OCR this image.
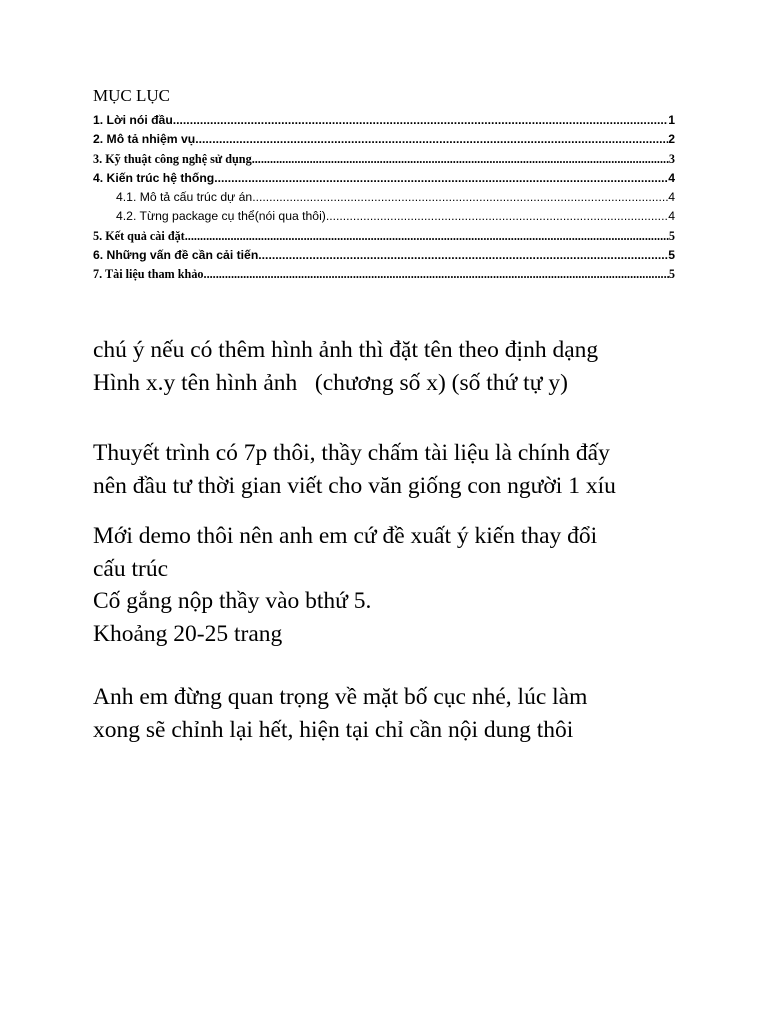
MỤC LỤC
1. Lời nói đầu .....	1
2. Mô tả nhiệm vụ .....	2
3. Kỹ thuật công nghệ sử dụng .....	3
4. Kiến trúc hệ thống .....	4
4.1. Mô tả cấu trúc dự án .....	4
4.2. Từng package cụ thể(nói qua thôi) .....	4
5. Kết quả cài đặt .....	5
6. Những vấn đề cần cải tiến .....	5
7. Tài liệu tham khảo .....	5

chú ý nếu có thêm hình ảnh thì đặt tên theo định dạng
Hình x.y tên hình ảnh   (chương số x) (số thứ tự y)

Thuyết trình có 7p thôi, thầy chấm tài liệu là chính đấy
nên đầu tư thời gian viết cho văn giống con người 1 xíu

Mới demo thôi nên anh em cứ đề xuất ý kiến thay đổi
cấu trúc
Cố gắng nộp thầy vào bthứ 5.
Khoảng 20-25 trang

Anh em đừng quan trọng về mặt bố cục nhé, lúc làm
xong sẽ chỉnh lại hết, hiện tại chỉ cần nội dung thôi
